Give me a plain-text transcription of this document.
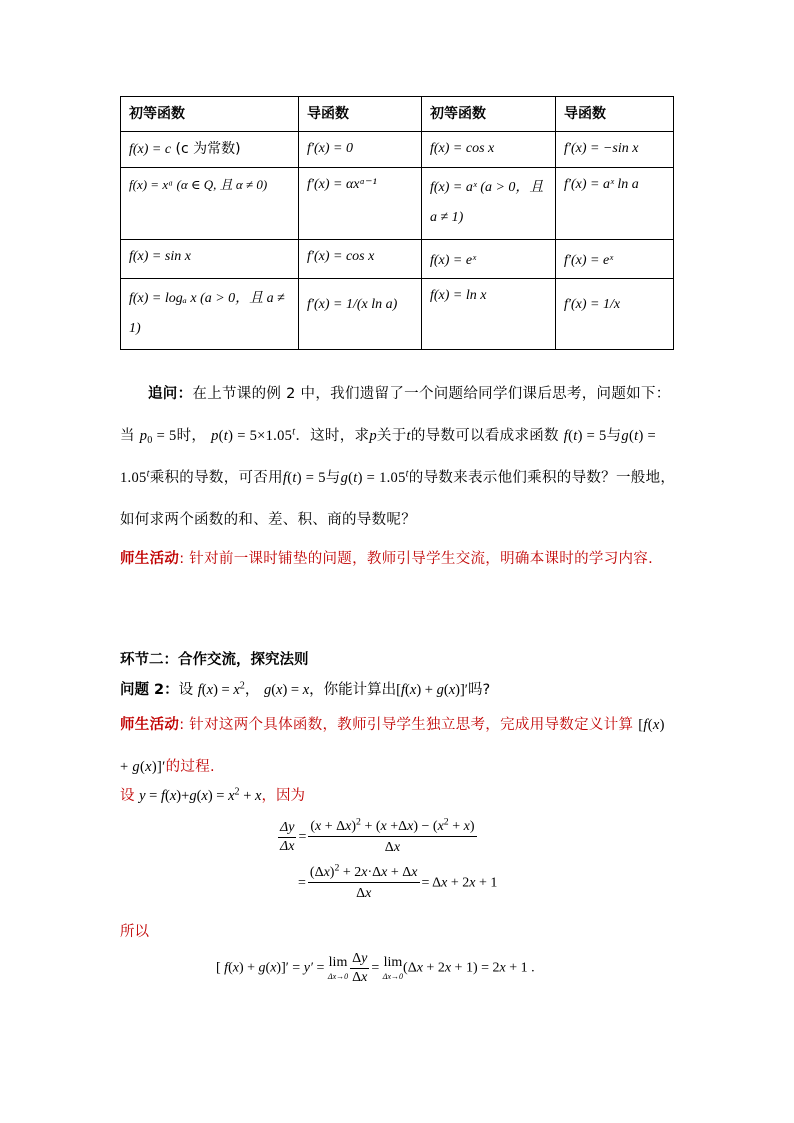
初等函数	导函数	初等函数	导函数
f(x) = c (c 为常数)	f′(x) = 0	f(x) = cos x	f′(x) = −sin x
f(x) = xᵅ (α ∈ Q, 且 α ≠ 0)	f′(x) = αxᵅ⁻¹	f(x) = aˣ (a > 0，且 a ≠ 1)	f′(x) = aˣ ln a
f(x) = sin x	f′(x) = cos x	f(x) = eˣ	f′(x) = eˣ
f(x) = logₐ x (a > 0，且 a ≠ 1)	f′(x) = 1/(x ln a)	f(x) = ln x	f′(x) = 1/x
追问：在上节课的例 2 中，我们遗留了一个问题给同学们课后思考，问题如下：当 $p_0 = 5$时， $p(t) = 5\times 1.05^t$．这时，求p关于t的导数可以看成求函数 f(t) = 5与$g(t) = 1.05^t$乘积的导数，可否用f(t) = 5与$g(t) = 1.05^t$的导数来表示他们乘积的导数？一般地，如何求两个函数的和、差、积、商的导数呢？
师生活动: 针对前一课时铺垫的问题，教师引导学生交流，明确本课时的学习内容.
环节二：合作交流，探究法则
问题 2：设 $f(x) = x^2$， g(x) = x，你能计算出[f(x) + g(x)]′吗?
师生活动: 针对这两个具体函数，教师引导学生独立思考，完成用导数定义计算 [f(x) + g(x)]′的过程.
设 $y = f(x)+g(x) = x^2 + x$，因为
$\frac{\Delta y}{\Delta x} = \frac{(x + \Delta x)^2 + (x +\Delta x) - (x^2 + x)}{\Delta x}$
= $\frac{(\Delta x)^2 + 2x\cdot\Delta x + \Delta x}{\Delta x} = \Delta x + 2x + 1$
所以
[ f(x) + g(x)]′ = y′ = lim
$\Delta x\to 0 \frac{\Delta y}{\Delta x} = \lim$
Δx→0
(Δx + 2x + 1) = 2x + 1 .
